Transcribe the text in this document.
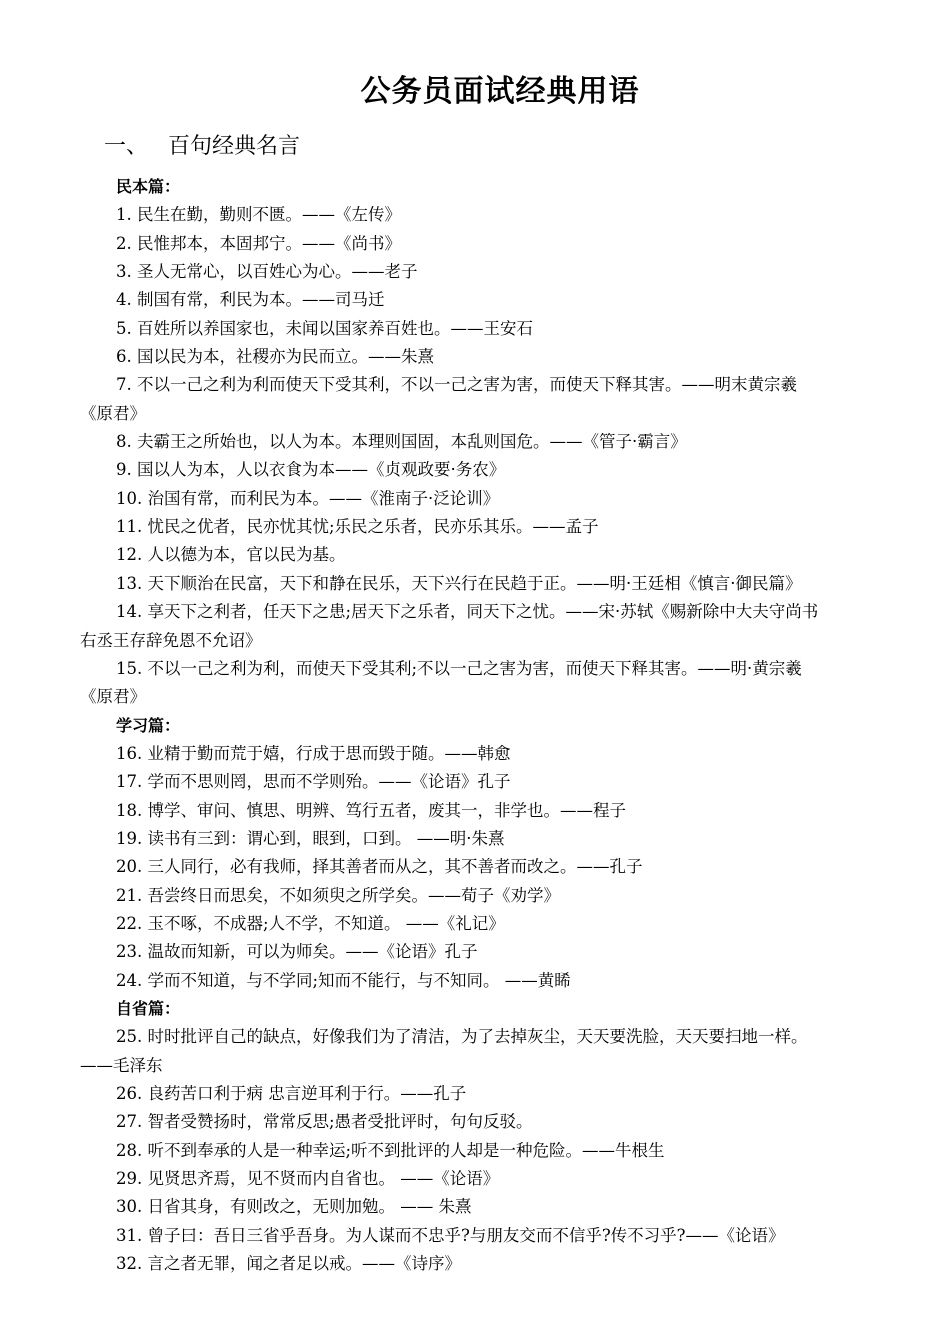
公务员面试经典用语
一、 百句经典名言
民本篇：
1. 民生在勤，勤则不匮。——《左传》
2. 民惟邦本，本固邦宁。——《尚书》
3. 圣人无常心，以百姓心为心。——老子
4. 制国有常，利民为本。——司马迁
5. 百姓所以养国家也，未闻以国家养百姓也。——王安石
6. 国以民为本，社稷亦为民而立。——朱熹
7. 不以一己之利为利而使天下受其利，不以一己之害为害，而使天下释其害。——明末黄宗羲
《原君》
8. 夫霸王之所始也，以人为本。本理则国固，本乱则国危。——《管子·霸言》
9. 国以人为本，人以衣食为本——《贞观政要·务农》
10. 治国有常，而利民为本。——《淮南子·泛论训》
11. 忧民之优者，民亦忧其忧;乐民之乐者，民亦乐其乐。——孟子
12. 人以德为本，官以民为基。
13. 天下顺治在民富，天下和静在民乐，天下兴行在民趋于正。——明·王廷相《慎言·御民篇》
14. 享天下之利者，任天下之患;居天下之乐者，同天下之忧。——宋·苏轼《赐新除中大夫守尚书
右丞王存辞免恩不允诏》
15. 不以一己之利为利，而使天下受其利;不以一己之害为害，而使天下释其害。——明·黄宗羲
《原君》
学习篇：
16. 业精于勤而荒于嬉，行成于思而毁于随。——韩愈
17. 学而不思则罔，思而不学则殆。——《论语》孔子
18. 博学、审问、慎思、明辨、笃行五者，废其一，非学也。——程子
19. 读书有三到：谓心到，眼到，口到。 ——明·朱熹
20. 三人同行，必有我师，择其善者而从之，其不善者而改之。——孔子
21. 吾尝终日而思矣，不如须臾之所学矣。——荀子《劝学》
22. 玉不啄，不成器;人不学，不知道。 ——《礼记》
23. 温故而知新，可以为师矣。——《论语》孔子
24. 学而不知道，与不学同;知而不能行，与不知同。 ——黄睎
自省篇：
25. 时时批评自己的缺点，好像我们为了清洁，为了去掉灰尘，天天要洗脸，天天要扫地一样。
——毛泽东
26. 良药苦口利于病 忠言逆耳利于行。——孔子
27. 智者受赞扬时，常常反思;愚者受批评时，句句反驳。
28. 听不到奉承的人是一种幸运;听不到批评的人却是一种危险。——牛根生
29. 见贤思齐焉，见不贤而内自省也。 ——《论语》
30. 日省其身，有则改之，无则加勉。 —— 朱熹
31. 曾子曰：吾日三省乎吾身。为人谋而不忠乎?与朋友交而不信乎?传不习乎?——《论语》
32. 言之者无罪，闻之者足以戒。——《诗序》
